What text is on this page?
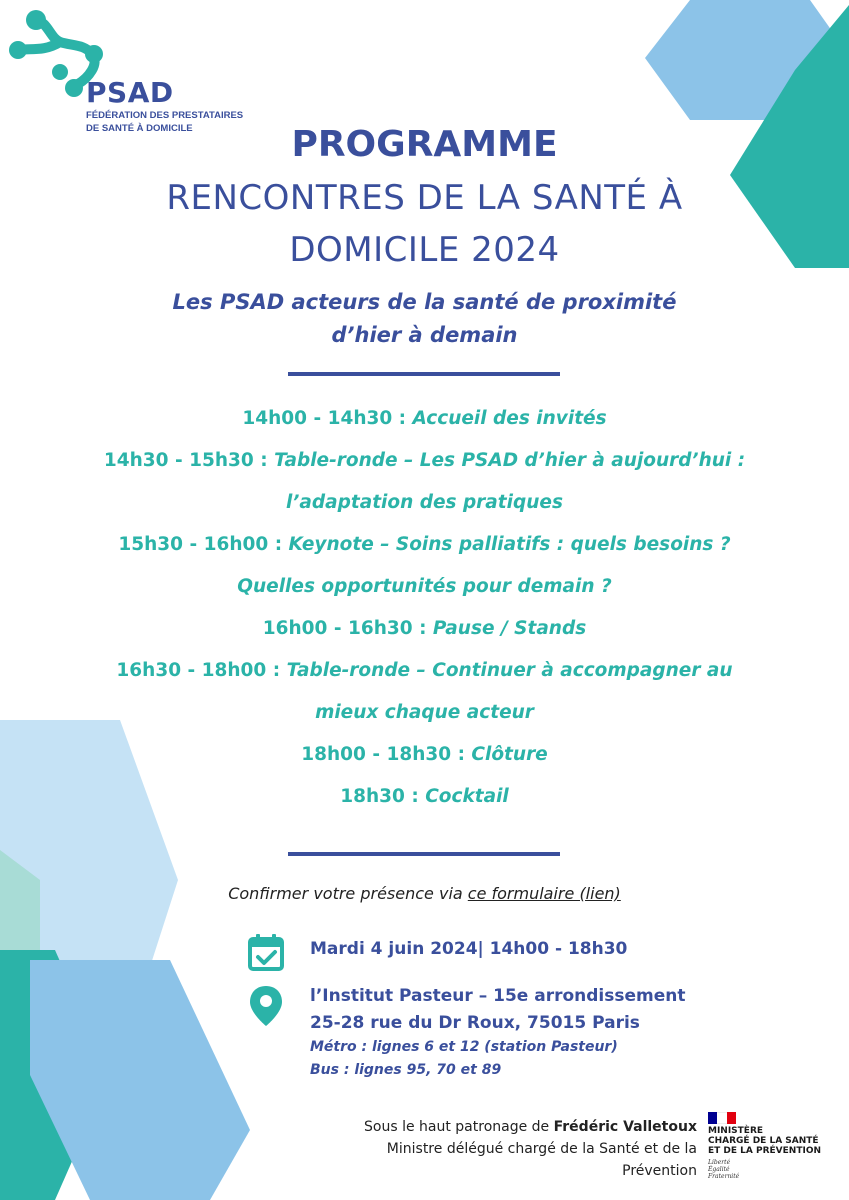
PSAD
FÉDÉRATION DES PRESTATAIRES
DE SANTÉ À DOMICILE	PROGRAMME
RENCONTRES DE LA SANTÉ À
DOMICILE 2024
Les PSAD acteurs de la santé de proximité
d’hier à demain

14h00 - 14h30 : Accueil des invités

14h30 - 15h30 : Table-ronde – Les PSAD d’hier à aujourd’hui :
l’adaptation des pratiques

15h30 - 16h00 : Keynote – Soins palliatifs : quels besoins ?
Quelles opportunités pour demain ?

16h00 - 16h30 : Pause / Stands

16h30 - 18h00 : Table-ronde – Continuer à accompagner au
mieux chaque acteur

18h00 - 18h30 : Clôture

18h30 : Cocktail

Confirmer votre présence via ce formulaire (lien)
Mardi 4 juin 2024| 14h00 - 18h30
l’Institut Pasteur – 15e arrondissement
25-28 rue du Dr Roux, 75015 Paris
Métro : lignes 6 et 12 (station Pasteur)
Bus : lignes 95, 70 et 89
Sous le haut patronage de Frédéric Valletoux
Ministre délégué chargé de la Santé et de la
Prévention
MINISTÈRE
CHARGÉ DE LA SANTÉ
ET DE LA PRÉVENTION
Liberté
Égalité
Fraternité
